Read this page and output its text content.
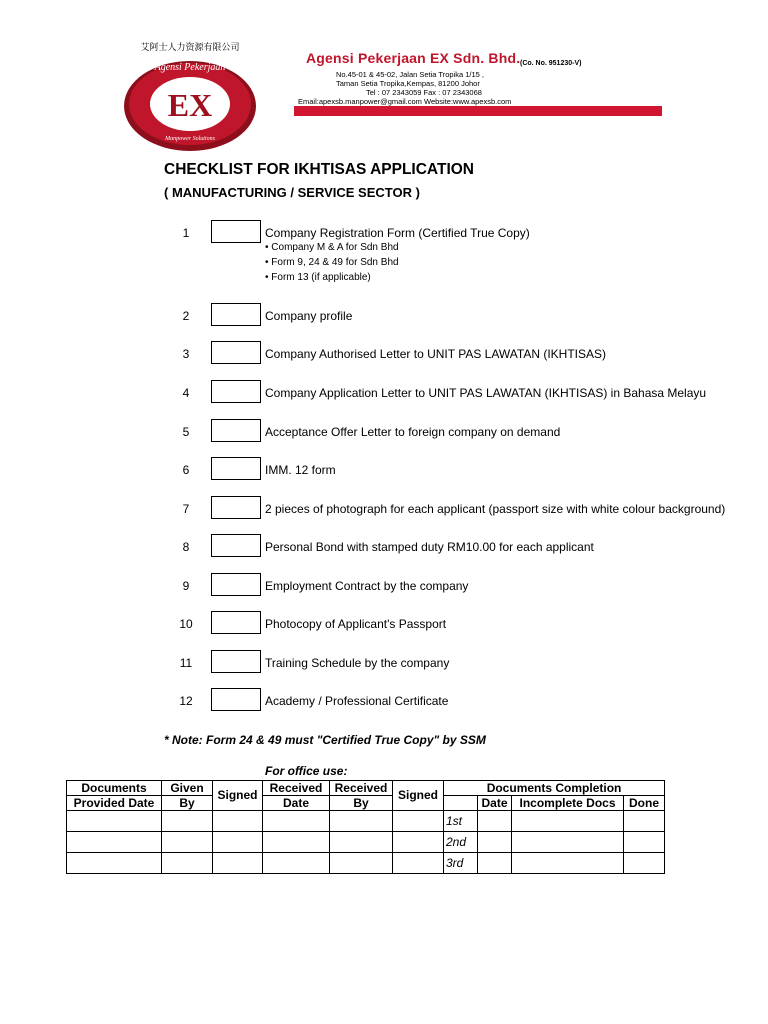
Agensi Pekerjaan
EX
Manpower Solutions
艾阿士人力资源有限公司
Agensi Pekerjaan EX Sdn. Bhd. (Co. No. 951230-V)
No.45-01 & 45-02, Jalan Setia Tropika 1/15 ,
Taman Setia Tropika,Kempas, 81200 Johor
Tel : 07 2343059 Fax : 07 2343068
Email:apexsb.manpower@gmail.com Website:www.apexsb.com
CHECKLIST FOR IKHTISAS APPLICATION
( MANUFACTURING / SERVICE SECTOR )
1	Company Registration Form (Certified True Copy)
• Company M & A for Sdn Bhd
• Form 9, 24 & 49 for Sdn Bhd
• Form 13 (if applicable)
2	Company profile
3	Company Authorised Letter to UNIT PAS LAWATAN (IKHTISAS)
4	Company Application Letter to UNIT PAS LAWATAN (IKHTISAS) in Bahasa Melayu
5	Acceptance Offer Letter to foreign company on demand
6	IMM. 12 form
7	2 pieces of photograph for each applicant (passport size with white colour background)
8	Personal Bond with stamped duty RM10.00 for each applicant
9	Employment Contract by the company
10	Photocopy of Applicant's Passport
11	Training Schedule by the company
12	Academy / Professional Certificate
* Note: Form 24 & 49 must "Certified True Copy" by SSM
For office use:
Documents	Given	Signed	Received	Received	Signed	Documents Completion			
Provided Date	By		Date	By			Date	Incomplete Docs	Done
						1st			
						2nd			
						3rd			
